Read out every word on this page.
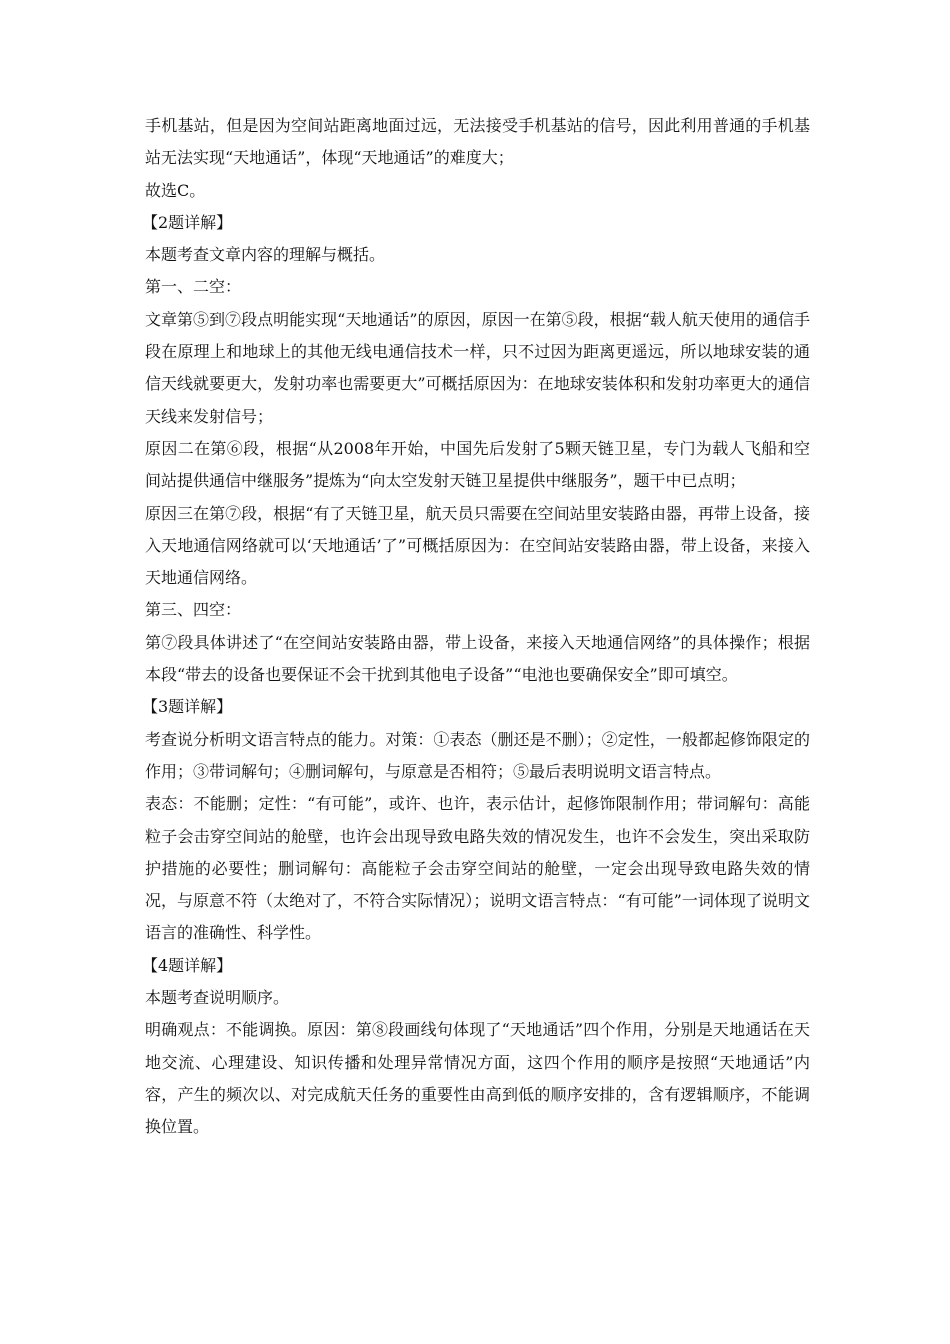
手机基站，但是因为空间站距离地面过远，无法接受手机基站的信号，因此利用普通的手机基站无法实现“天地通话”，体现“天地通话”的难度大；

故选C。

【2题详解】

本题考查文章内容的理解与概括。

第一、二空：

文章第⑤到⑦段点明能实现“天地通话”的原因，原因一在第⑤段，根据“载人航天使用的通信手段在原理上和地球上的其他无线电通信技术一样，只不过因为距离更遥远，所以地球安装的通信天线就要更大，发射功率也需要更大”可概括原因为：在地球安装体积和发射功率更大的通信天线来发射信号；

原因二在第⑥段，根据“从2008年开始，中国先后发射了5颗天链卫星，专门为载人飞船和空间站提供通信中继服务”提炼为“向太空发射天链卫星提供中继服务”，题干中已点明；

原因三在第⑦段，根据“有了天链卫星，航天员只需要在空间站里安装路由器，再带上设备，接入天地通信网络就可以‘天地通话’了”可概括原因为：在空间站安装路由器，带上设备，来接入天地通信网络。

第三、四空：

第⑦段具体讲述了“在空间站安装路由器，带上设备，来接入天地通信网络”的具体操作；根据本段“带去的设备也要保证不会干扰到其他电子设备”“电池也要确保安全”即可填空。

【3题详解】

考查说分析明文语言特点的能力。对策：①表态（删还是不删）；②定性，一般都起修饰限定的作用；③带词解句；④删词解句，与原意是否相符；⑤最后表明说明文语言特点。

表态：不能删；定性：“有可能”，或许、也许，表示估计，起修饰限制作用；带词解句：高能粒子会击穿空间站的舱壁，也许会出现导致电路失效的情况发生，也许不会发生，突出采取防护措施的必要性；删词解句：高能粒子会击穿空间站的舱壁，一定会出现导致电路失效的情况，与原意不符（太绝对了，不符合实际情况）；说明文语言特点：“有可能”一词体现了说明文语言的准确性、科学性。

【4题详解】

本题考查说明顺序。

明确观点：不能调换。原因：第⑧段画线句体现了“天地通话”四个作用，分别是天地通话在天地交流、心理建设、知识传播和处理异常情况方面，这四个作用的顺序是按照“天地通话”内容，产生的频次以、对完成航天任务的重要性由高到低的顺序安排的，含有逻辑顺序，不能调换位置。
